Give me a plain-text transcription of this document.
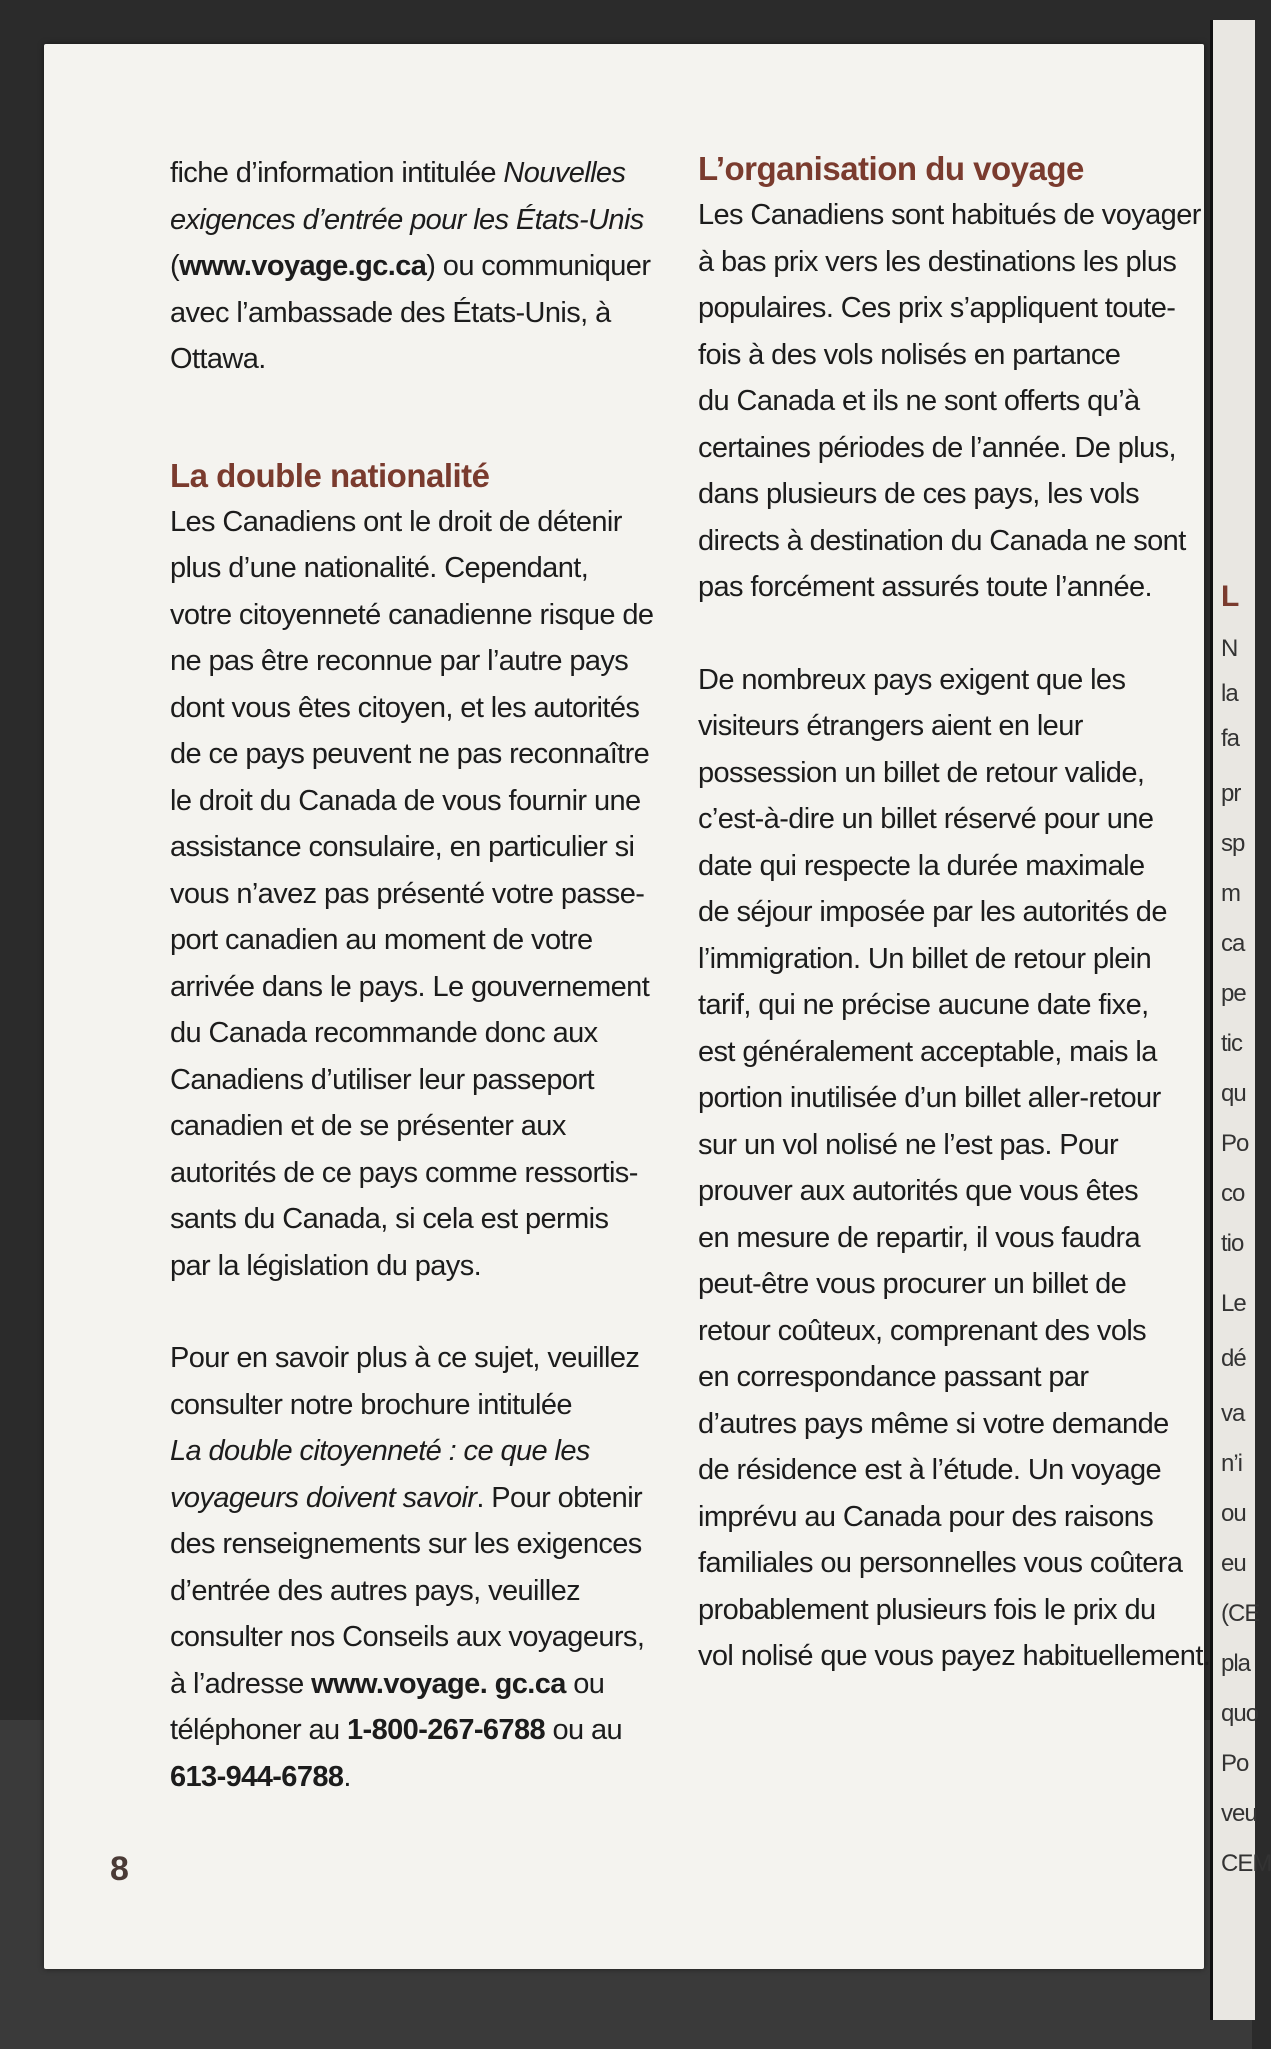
L
N
la
fa
pr
sp
m
ca
pe
tic
qu
Po
co
tio
Le
dé
va
n’i
ou
eu
(CE
pla
quo
Po
veu
CEM
fiche d’information intitulée Nouvelles
exigences d’entrée pour les États-Unis
(www.voyage.gc.ca) ou communiquer
avec l’ambassade des États-Unis, à
Ottawa.
La double nationalité
Les Canadiens ont le droit de détenir
plus d’une nationalité. Cependant,
votre citoyenneté canadienne risque de
ne pas être reconnue par l’autre pays
dont vous êtes citoyen, et les autorités
de ce pays peuvent ne pas reconnaître
le droit du Canada de vous fournir une
assistance consulaire, en particulier si
vous n’avez pas présenté votre passe-
port canadien au moment de votre
arrivée dans le pays. Le gouvernement
du Canada recommande donc aux
Canadiens d’utiliser leur passeport
canadien et de se présenter aux
autorités de ce pays comme ressortis-
sants du Canada, si cela est permis
par la législation du pays.
Pour en savoir plus à ce sujet, veuillez
consulter notre brochure intitulée
La double citoyenneté : ce que les
voyageurs doivent savoir. Pour obtenir
des renseignements sur les exigences
d’entrée des autres pays, veuillez
consulter nos Conseils aux voyageurs,
à l’adresse www.voyage. gc.ca ou
téléphoner au 1-800-267-6788 ou au
613-944-6788.
L’organisation du voyage
Les Canadiens sont habitués de voyager
à bas prix vers les destinations les plus
populaires. Ces prix s’appliquent toute-
fois à des vols nolisés en partance
du Canada et ils ne sont offerts qu’à
certaines périodes de l’année. De plus,
dans plusieurs de ces pays, les vols
directs à destination du Canada ne sont
pas forcément assurés toute l’année.
De nombreux pays exigent que les
visiteurs étrangers aient en leur
possession un billet de retour valide,
c’est-à-dire un billet réservé pour une
date qui respecte la durée maximale
de séjour imposée par les autorités de
l’immigration. Un billet de retour plein
tarif, qui ne précise aucune date fixe,
est généralement acceptable, mais la
portion inutilisée d’un billet aller-retour
sur un vol nolisé ne l’est pas. Pour
prouver aux autorités que vous êtes
en mesure de repartir, il vous faudra
peut-être vous procurer un billet de
retour coûteux, comprenant des vols
en correspondance passant par
d’autres pays même si votre demande
de résidence est à l’étude. Un voyage
imprévu au Canada pour des raisons
familiales ou personnelles vous coûtera
probablement plusieurs fois le prix du
vol nolisé que vous payez habituellement.
8
